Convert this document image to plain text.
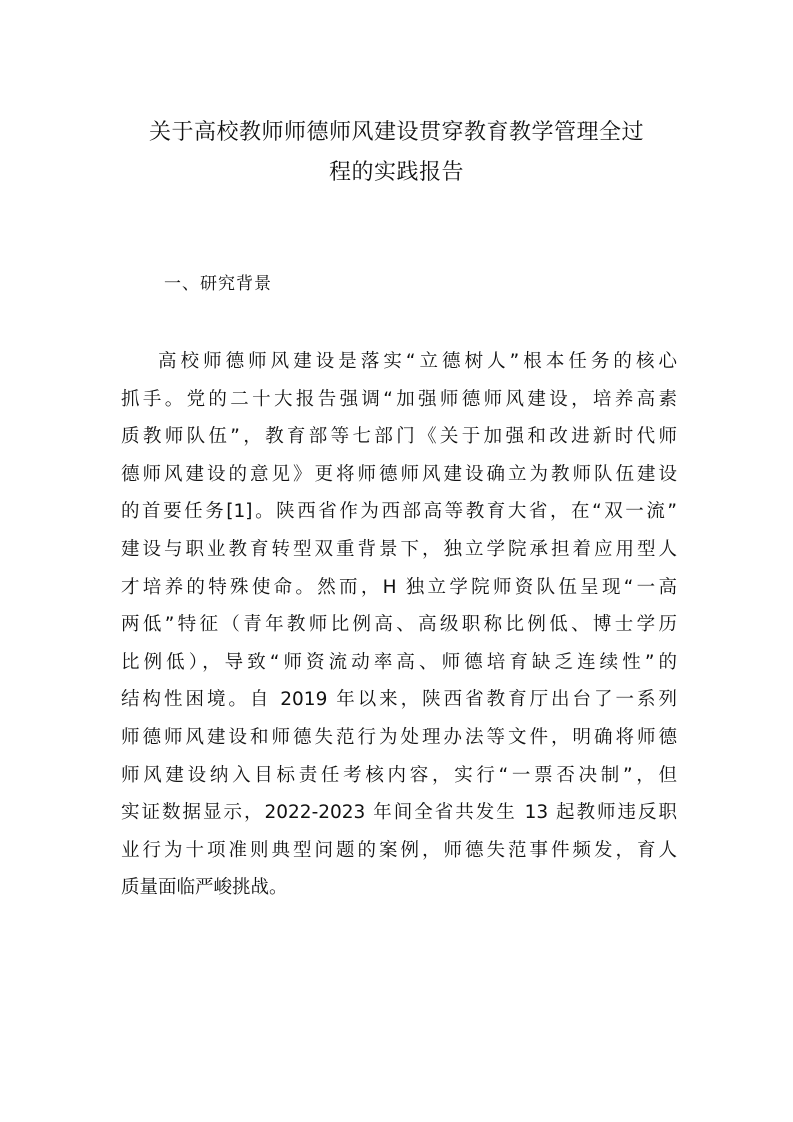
关于高校教师师德师风建设贯穿教育教学管理全过
程的实践报告
一、研究背景
高校师德师风建设是落实“立德树人”根本任务的核心
抓手。党的二十大报告强调“加强师德师风建设，培养高素
质教师队伍”，教育部等七部门《关于加强和改进新时代师
德师风建设的意见》更将师德师风建设确立为教师队伍建设
的首要任务[1]。陕西省作为西部高等教育大省，在“双一流”
建设与职业教育转型双重背景下，独立学院承担着应用型人
才培养的特殊使命。然而，H 独立学院师资队伍呈现“一高
两低”特征（青年教师比例高、高级职称比例低、博士学历
比例低），导致“师资流动率高、师德培育缺乏连续性”的
结构性困境。自 2019 年以来，陕西省教育厅出台了一系列
师德师风建设和师德失范行为处理办法等文件，明确将师德
师风建设纳入目标责任考核内容，实行“一票否决制”，但
实证数据显示，2022-2023 年间全省共发生 13 起教师违反职
业行为十项准则典型问题的案例，师德失范事件频发，育人
质量面临严峻挑战。
